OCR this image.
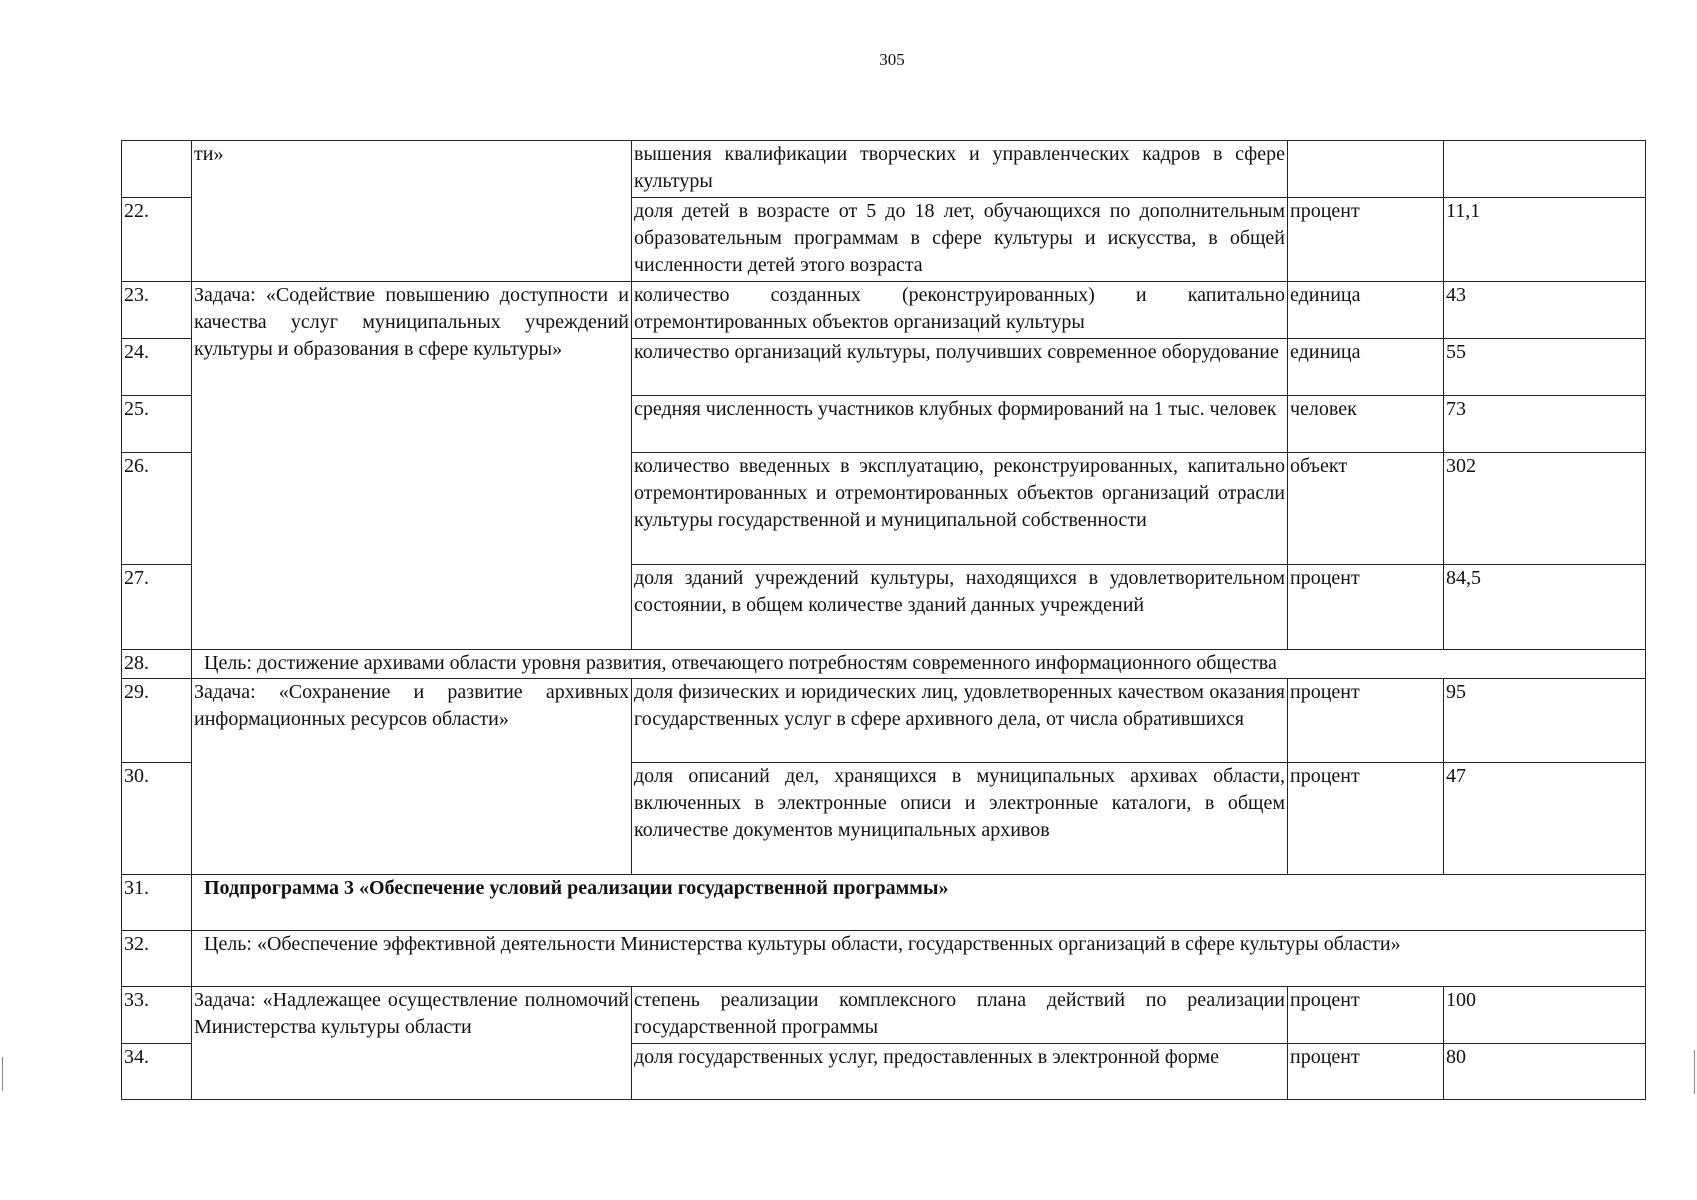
305
	ти»	вышения квалификации творческих и управленческих кадров в сфере культуры		
22.		доля детей в возрасте от 5 до 18 лет, обучающихся по дополнительным образовательным программам в сфере культуры и искусства, в общей численности детей этого возраста	процент	11,1
23.	Задача: «Содействие повышению доступности и качества услуг муниципальных учреждений культуры и образования в сфере культуры»	количество созданных (реконструированных) и капитально отремонтированных объектов организаций культуры	единица	43
24.		количество организаций культуры, получивших современное оборудование	единица	55
25.		средняя численность участников клубных формирований на 1 тыс. человек	человек	73
26.		количество введенных в эксплуатацию, реконструированных, капитально отремонтированных и отремонтированных объектов организаций отрасли культуры государственной и муниципальной собственности	объект	302
27.		доля зданий учреждений культуры, находящихся в удовлетворительном состоянии, в общем количестве зданий данных учреждений	процент	84,5
28.	Цель: достижение архивами области уровня развития, отвечающего потребностям современного информационного общества			
29.	Задача: «Сохранение и развитие архивных информационных ресурсов области»	доля физических и юридических лиц, удовлетворенных качеством оказания государственных услуг в сфере архивного дела, от числа обратившихся	процент	95
30.		доля описаний дел, хранящихся в муниципальных архивах области, включенных в электронные описи и электронные каталоги, в общем количестве документов муниципальных архивов	процент	47
31.	Подпрограмма 3 «Обеспечение условий реализации государственной программы»			
32.	Цель: «Обеспечение эффективной деятельности Министерства культуры области, государственных организаций в сфере культуры области»			
33.	Задача: «Надлежащее осуществление полномочий Министерства культуры области	степень реализации комплексного плана действий по реализации государственной программы	процент	100
34.		доля государственных услуг, предоставленных в электронной форме	процент	80
